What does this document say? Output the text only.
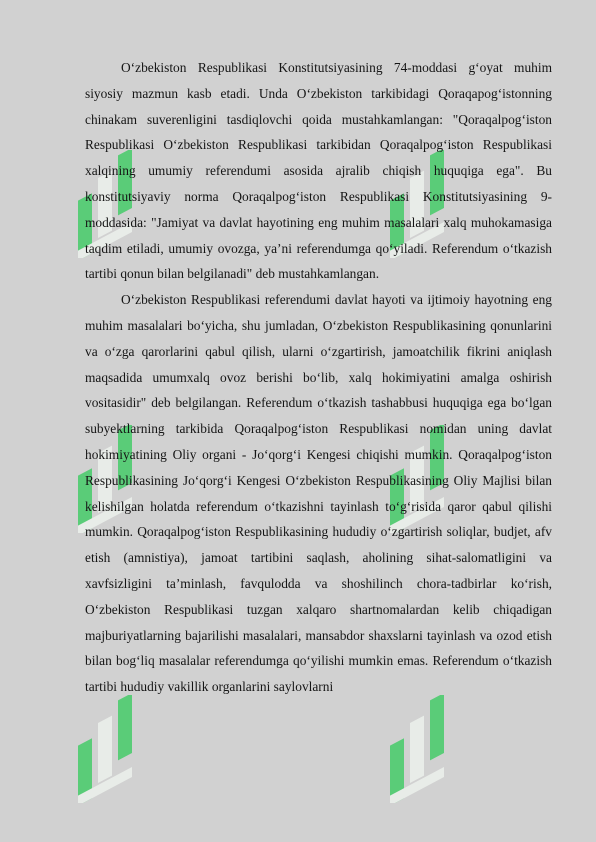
O‘zbekiston Respublikasi Konstitutsiyasining 74-moddasi g‘oyat muhim siyosiy mazmun kasb etadi. Unda O‘zbekiston tarkibidagi Qoraqapog‘istonning chinakam suverenligini tasdiqlovchi qoida mustahkamlangan: "Qoraqalpog‘iston Respublikasi O‘zbekiston Respublikasi tarkibidan Qoraqalpog‘iston Respublikasi xalqining umumiy referendumi asosida ajralib chiqish huquqiga ega". Bu konstitutsiyaviy norma Qoraqalpog‘iston Respublikasi Konstitutsiyasining 9-moddasida: "Jamiyat va davlat hayotining eng muhim masalalari xalq muhokamasiga taqdim etiladi, umumiy ovozga, ya’ni referendumga qo‘yiladi. Referendum o‘tkazish tartibi qonun bilan belgilanadi" deb mustahkamlangan.

O‘zbekiston Respublikasi referendumi davlat hayoti va ijtimoiy hayotning eng muhim masalalari bo‘yicha, shu jumladan, O‘zbekiston Respublikasining qonunlarini va o‘zga qarorlarini qabul qilish, ularni o‘zgartirish, jamoatchilik fikrini aniqlash maqsadida umumxalq ovoz berishi bo‘lib, xalq hokimiyatini amalga oshirish vositasidir" deb belgilangan. Referendum o‘tkazish tashabbusi huquqiga ega bo‘lgan subyektlarning tarkibida Qoraqalpog‘iston Respublikasi nomidan uning davlat hokimiyatining Oliy organi - Jo‘qorg‘i Kengesi chiqishi mumkin. Qoraqalpog‘iston Respublikasining Jo‘qorg‘i Kengesi O‘zbekiston Respublikasining Oliy Majlisi bilan kelishilgan holatda referendum o‘tkazishni tayinlash to‘g‘risida qaror qabul qilishi mumkin. Qoraqalpog‘iston Respublikasining hududiy o‘zgartirish soliqlar, budjet, afv etish (amnistiya), jamoat tartibini saqlash, aholining sihat-salomatligini va xavfsizligini ta’minlash, favqulodda va shoshilinch chora-tadbirlar ko‘rish, O‘zbekiston Respublikasi tuzgan xalqaro shartnomalardan kelib chiqadigan majburiyatlarning bajarilishi masalalari, mansabdor shaxslarni tayinlash va ozod etish bilan bog‘liq masalalar referendumga qo‘yilishi mumkin emas. Referendum o‘tkazish tartibi hududiy vakillik organlarini saylovlarni
